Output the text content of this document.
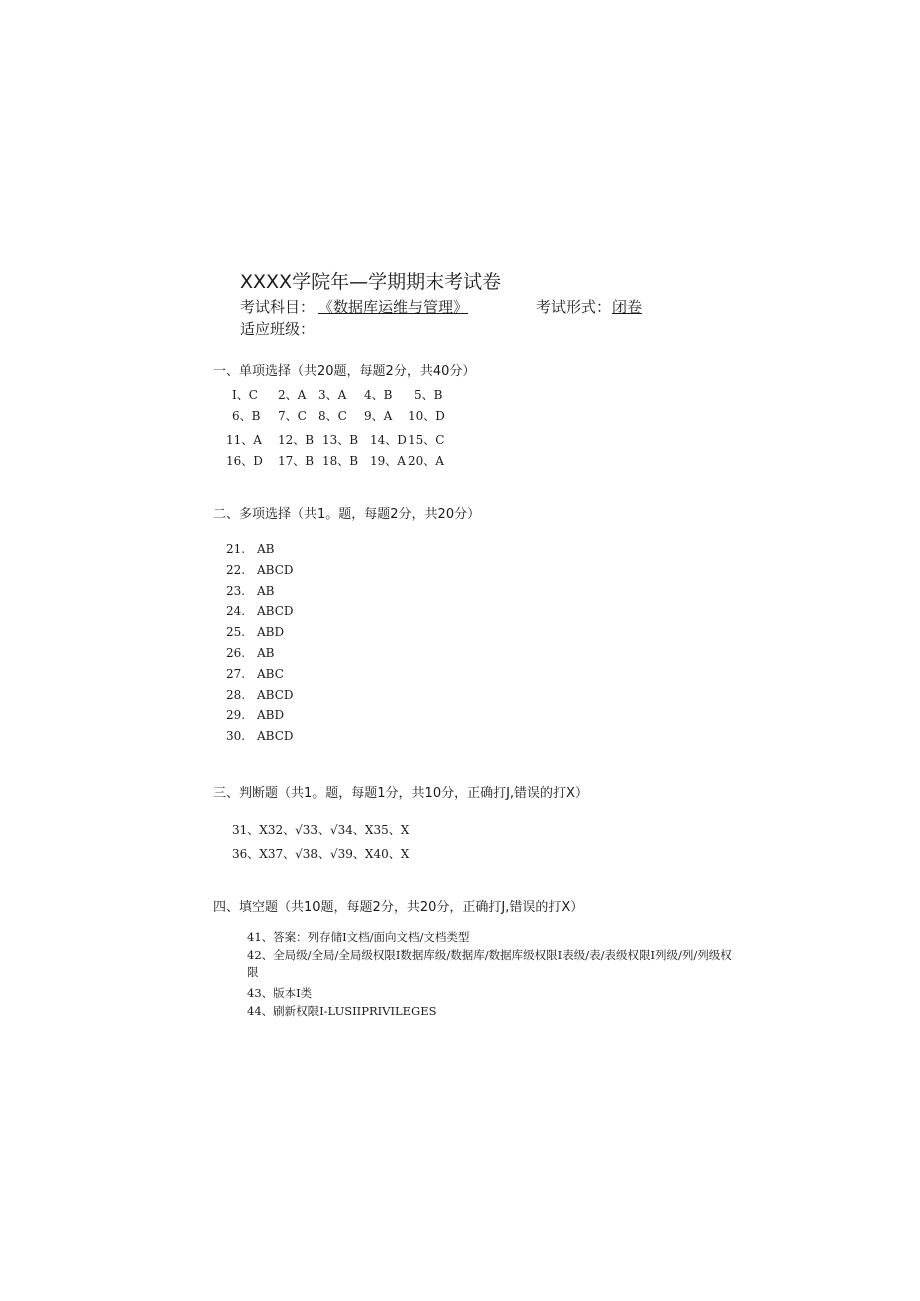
XXXX学院年—学期期末考试卷
考试科目： 《数据库运维与管理》	考试形式： 闭卷
适应班级：
一、单项选择（共20题，每题2分，共40分）
I、C 2、A 3、A 4、B 5、B
6、B 7、C 8、C 9、A 10、D
11、A 12、B 13、B 14、D 15、C
16、D 17、B 18、B 19、A 20、A
二、多项选择（共1。题，每题2分，共20分）
21. AB
22. ABCD
23. AB
24. ABCD
25. ABD
26. AB
27. ABC
28. ABCD
29. ABD
30. ABCD
三、判断题（共1。题，每题1分，共10分，正确打J,错误的打X）
31、X32、√33、√34、X35、X
36、X37、√38、√39、X40、X
四、填空题（共10题，每题2分，共20分，正确打J,错误的打X）
41、答案：列存储I文档/面向文档/文档类型
42、全局级/全局/全局级权限I数据库级/数据库/数据库级权限I表级/表/表级权限I列级/列/列级权
限
43、版本I类
44、刷新权限I-LUSIIPRIVILEGES
